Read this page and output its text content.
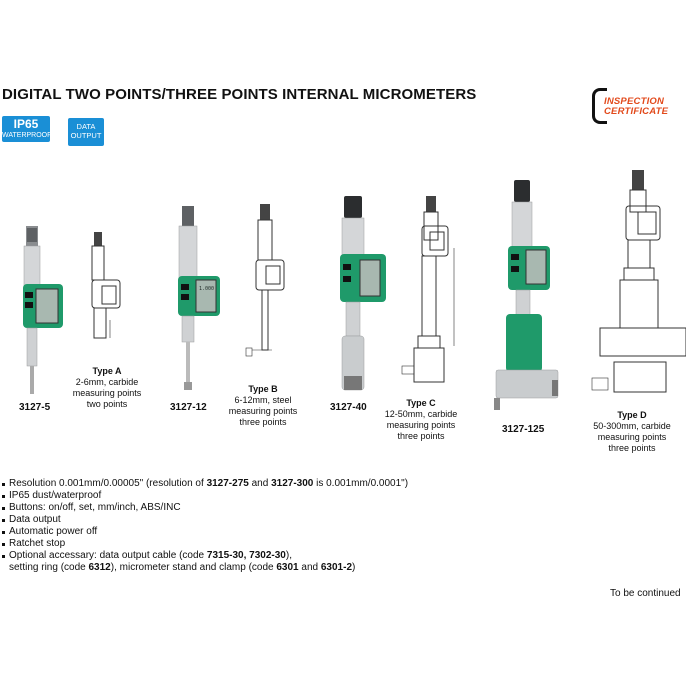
DIGITAL TWO POINTS/THREE POINTS INTERNAL MICROMETERS
IP65
WATERPROOF
DATA
OUTPUT
INSPECTION
CERTIFICATE
3127-5
Type A
2-6mm, carbide
measuring points
two points	3127-12
Type B
6-12mm, steel
measuring points
three points
3127-40	Type C
12-50mm, carbide
measuring points
three points
3127-125
Type D
50-300mm, carbide
measuring points
three points
1.000
Resolution 0.001mm/0.00005" (resolution of 3127-275 and 3127-300 is 0.001mm/0.0001")
IP65 dust/waterproof
Buttons: on/off, set, mm/inch, ABS/INC
Data output
Automatic power off
Ratchet stop
Optional accessary: data output cable (code 7315-30, 7302-30),
setting ring (code 6312), micrometer stand and clamp (code 6301 and 6301-2)
To be continued
